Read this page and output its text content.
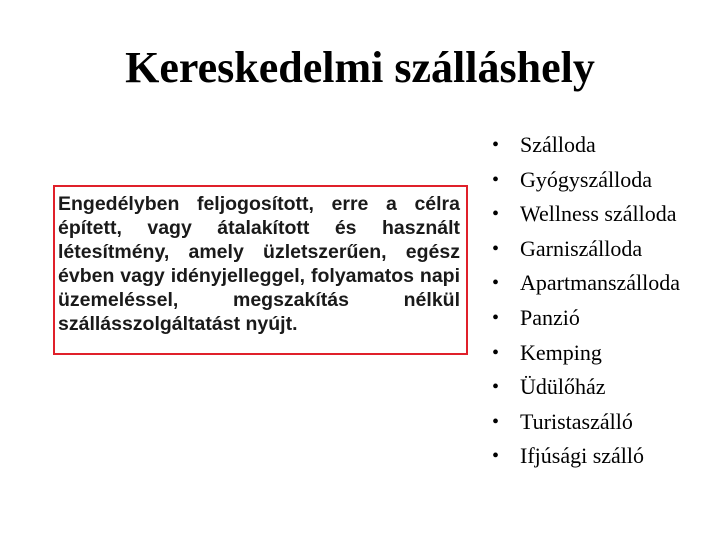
Kereskedelmi szálláshely

Engedélyben feljogosított, erre a célra épített, vagy átalakított és használt létesítmény, amely üzletszerűen, egész évben vagy idényjelleggel, folyamatos napi üzemeléssel, megszakítás nélkül szállásszolgáltatást nyújt.

• Szálloda
• Gyógyszálloda
• Wellness szálloda
• Garniszálloda
• Apartmanszálloda
• Panzió
• Kemping
• Üdülőház
• Turistaszálló
• Ifjúsági szálló
